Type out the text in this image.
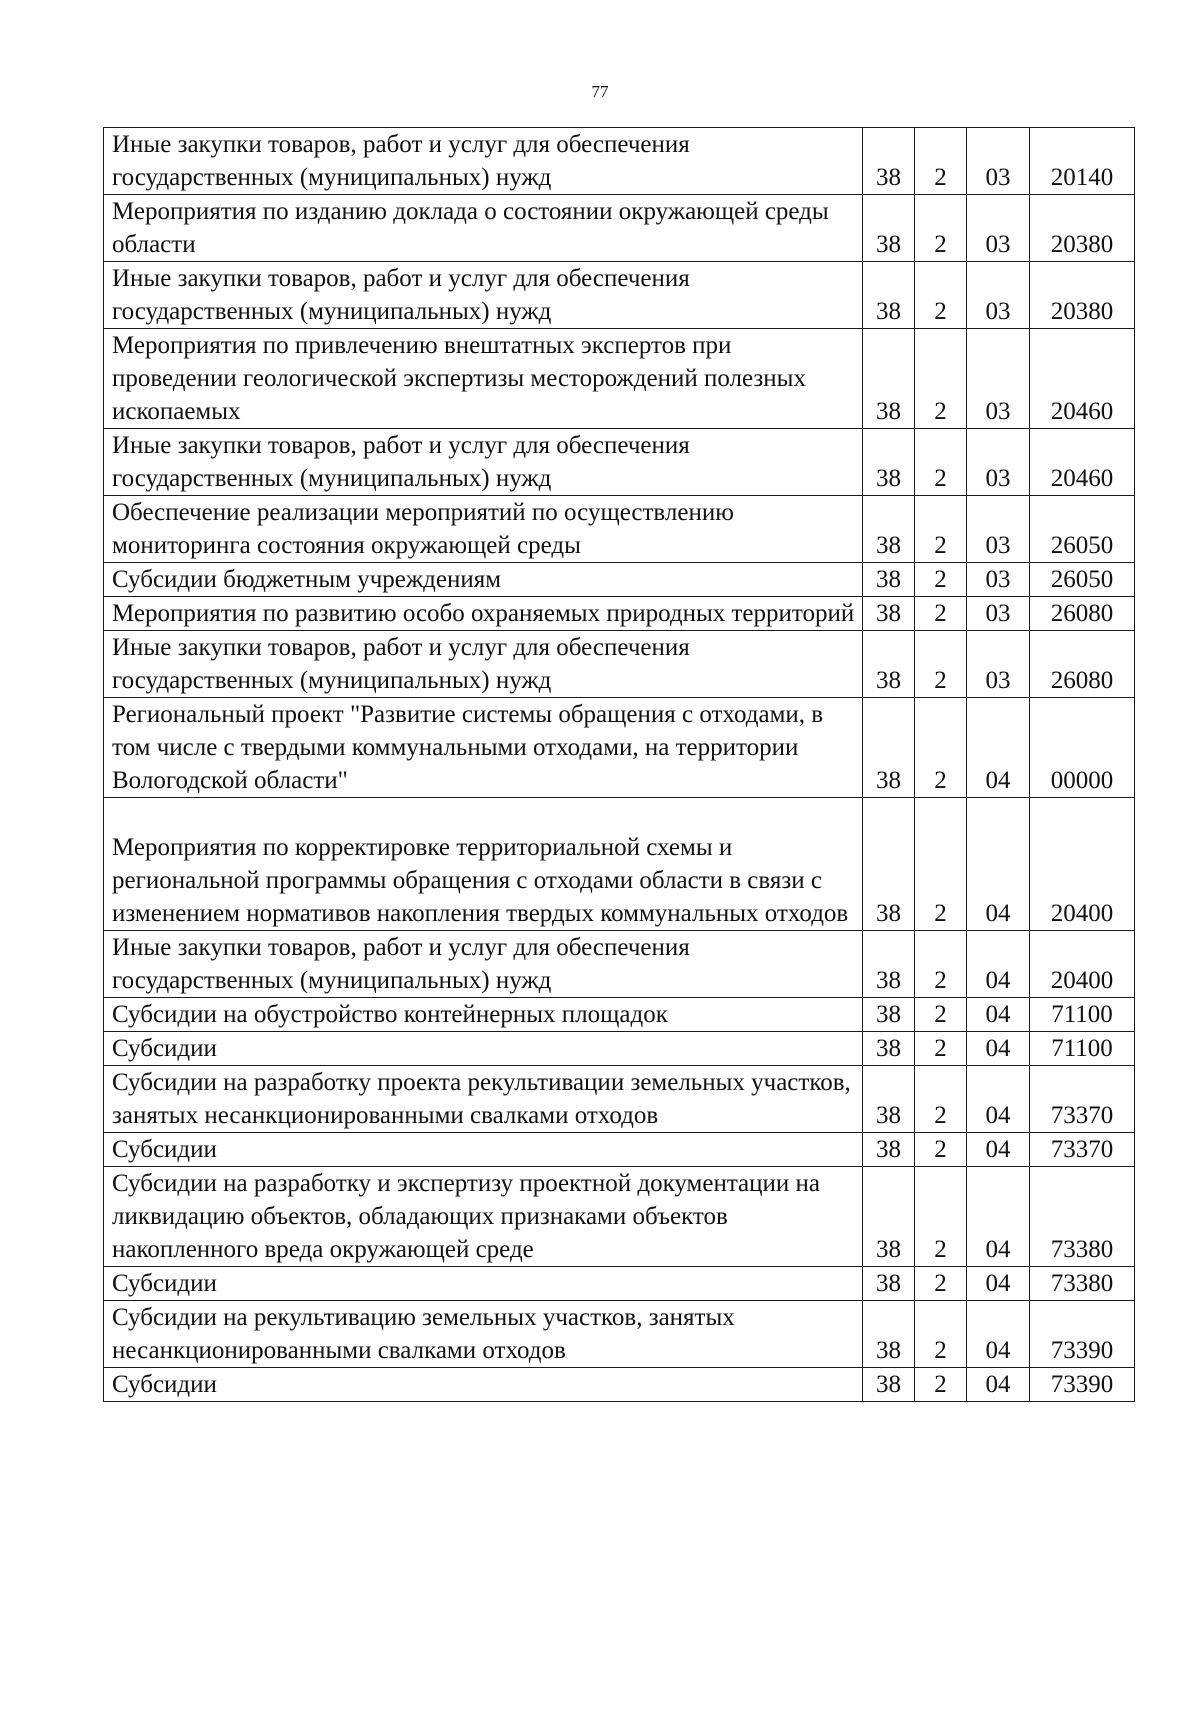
77
Иные закупки товаров, работ и услуг для обеспечения государственных (муниципальных) нужд	38	2	03	20140
Мероприятия по изданию доклада о состоянии окружающей среды области	38	2	03	20380
Иные закупки товаров, работ и услуг для обеспечения государственных (муниципальных) нужд	38	2	03	20380
Мероприятия по привлечению внештатных экспертов при проведении геологической экспертизы месторождений полезных ископаемых	38	2	03	20460
Иные закупки товаров, работ и услуг для обеспечения государственных (муниципальных) нужд	38	2	03	20460
Обеспечение реализации мероприятий по осуществлению мониторинга состояния окружающей среды	38	2	03	26050
Субсидии бюджетным учреждениям	38	2	03	26050
Мероприятия по развитию особо охраняемых природных территорий	38	2	03	26080
Иные закупки товаров, работ и услуг для обеспечения государственных (муниципальных) нужд	38	2	03	26080
Региональный проект "Развитие системы обращения с отходами, в том числе с твердыми коммунальными отходами, на территории Вологодской области"	38	2	04	00000
Мероприятия по корректировке территориальной схемы и региональной программы обращения с отходами области в связи с изменением нормативов накопления твердых коммунальных отходов	38	2	04	20400
Иные закупки товаров, работ и услуг для обеспечения государственных (муниципальных) нужд	38	2	04	20400
Субсидии на обустройство контейнерных площадок	38	2	04	71100
Субсидии	38	2	04	71100
Субсидии на разработку проекта рекультивации земельных участков, занятых несанкционированными свалками отходов	38	2	04	73370
Субсидии	38	2	04	73370
Субсидии на разработку и экспертизу проектной документации на ликвидацию объектов, обладающих признаками объектов накопленного вреда окружающей среде	38	2	04	73380
Субсидии	38	2	04	73380
Субсидии на рекультивацию земельных участков, занятых несанкционированными свалками отходов	38	2	04	73390
Субсидии	38	2	04	73390
